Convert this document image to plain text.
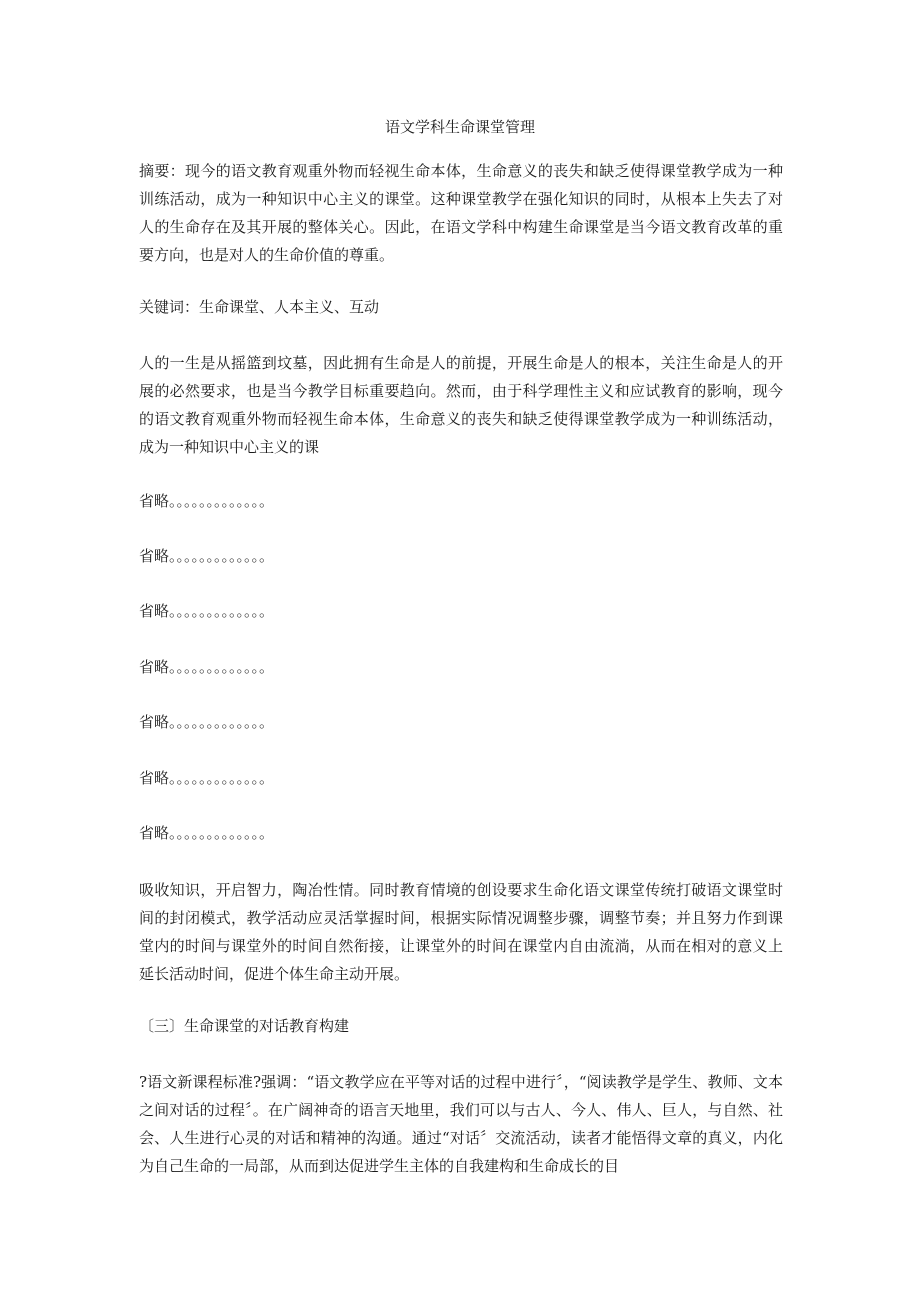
语文学科生命课堂管理

摘要：现今的语文教育观重外物而轻视生命本体，生命意义的丧失和缺乏使得课堂教学成为一种训练活动，成为一种知识中心主义的课堂。这种课堂教学在强化知识的同时，从根本上失去了对人的生命存在及其开展的整体关心。因此，在语文学科中构建生命课堂是当今语文教育改革的重要方向，也是对人的生命价值的尊重。

关键词：生命课堂、人本主义、互动

人的一生是从摇篮到坟墓，因此拥有生命是人的前提，开展生命是人的根本，关注生命是人的开展的必然要求，也是当今教学目标重要趋向。然而，由于科学理性主义和应试教育的影响，现今的语文教育观重外物而轻视生命本体，生命意义的丧失和缺乏使得课堂教学成为一种训练活动，成为一种知识中心主义的课

省略。。。。。。。。。。。。。
省略。。。。。。。。。。。。。
省略。。。。。。。。。。。。。
省略。。。。。。。。。。。。。
省略。。。。。。。。。。。。。
省略。。。。。。。。。。。。。
省略。。。。。。。。。。。。。

吸收知识，开启智力，陶冶性情。同时教育情境的创设要求生命化语文课堂传统打破语文课堂时间的封闭模式，教学活动应灵活掌握时间，根据实际情况调整步骤，调整节奏；并且努力作到课堂内的时间与课堂外的时间自然衔接，让课堂外的时间在课堂内自由流淌，从而在相对的意义上延长活动时间，促进个体生命主动开展。

〔三〕生命课堂的对话教育构建

?语文新课程标准?强调：“语文教学应在平等对话的过程中进行〞，“阅读教学是学生、教师、文本之间对话的过程〞。在广阔神奇的语言天地里，我们可以与古人、今人、伟人、巨人，与自然、社会、人生进行心灵的对话和精神的沟通。通过“对话〞交流活动，读者才能悟得文章的真义，内化为自己生命的一局部，从而到达促进学生主体的自我建构和生命成长的目
